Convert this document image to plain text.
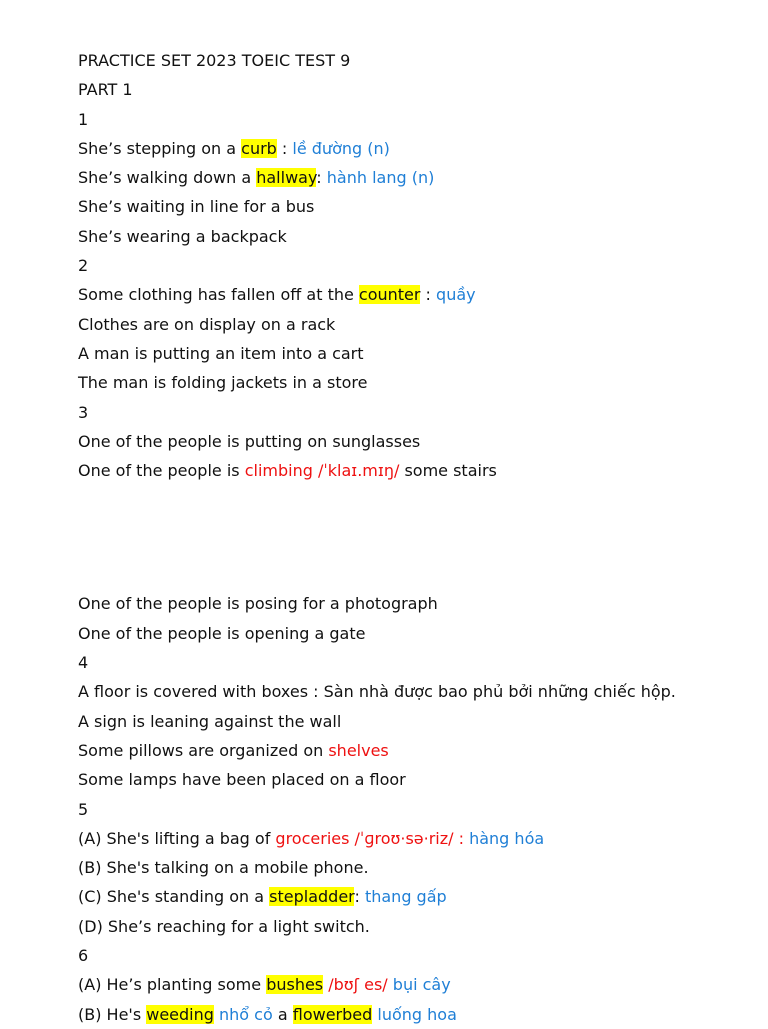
PRACTICE SET 2023 TOEIC TEST 9
PART 1
1
She’s stepping on a curb : lề đường (n)
She’s walking down a hallway: hành lang (n)
She’s waiting in line for a bus
She’s wearing a backpack
2
Some clothing has fallen off at the counter : quầy
Clothes are on display on a rack
A man is putting an item into a cart
The man is folding jackets in a store
3
One of the people is putting on sunglasses
One of the people is climbing /ˈklaɪ.mɪŋ/ some stairs
One of the people is posing for a photograph
One of the people is opening a gate
4
A floor is covered with boxes : Sàn nhà được bao phủ bởi những chiếc hộp.
A sign is leaning against the wall
Some pillows are organized on shelves
Some lamps have been placed on a floor
5
(A) She's lifting a bag of groceries /ˈɡroʊ·sə·riz/ : hàng hóa
(B) She's talking on a mobile phone.
(C) She's standing on a stepladder: thang gấp
(D) She’s reaching for a light switch.
6
(A) He’s planting some bushes /bʊʃ es/ bụi cây
(B) He's weeding nhổ cỏ a flowerbed luống hoa
